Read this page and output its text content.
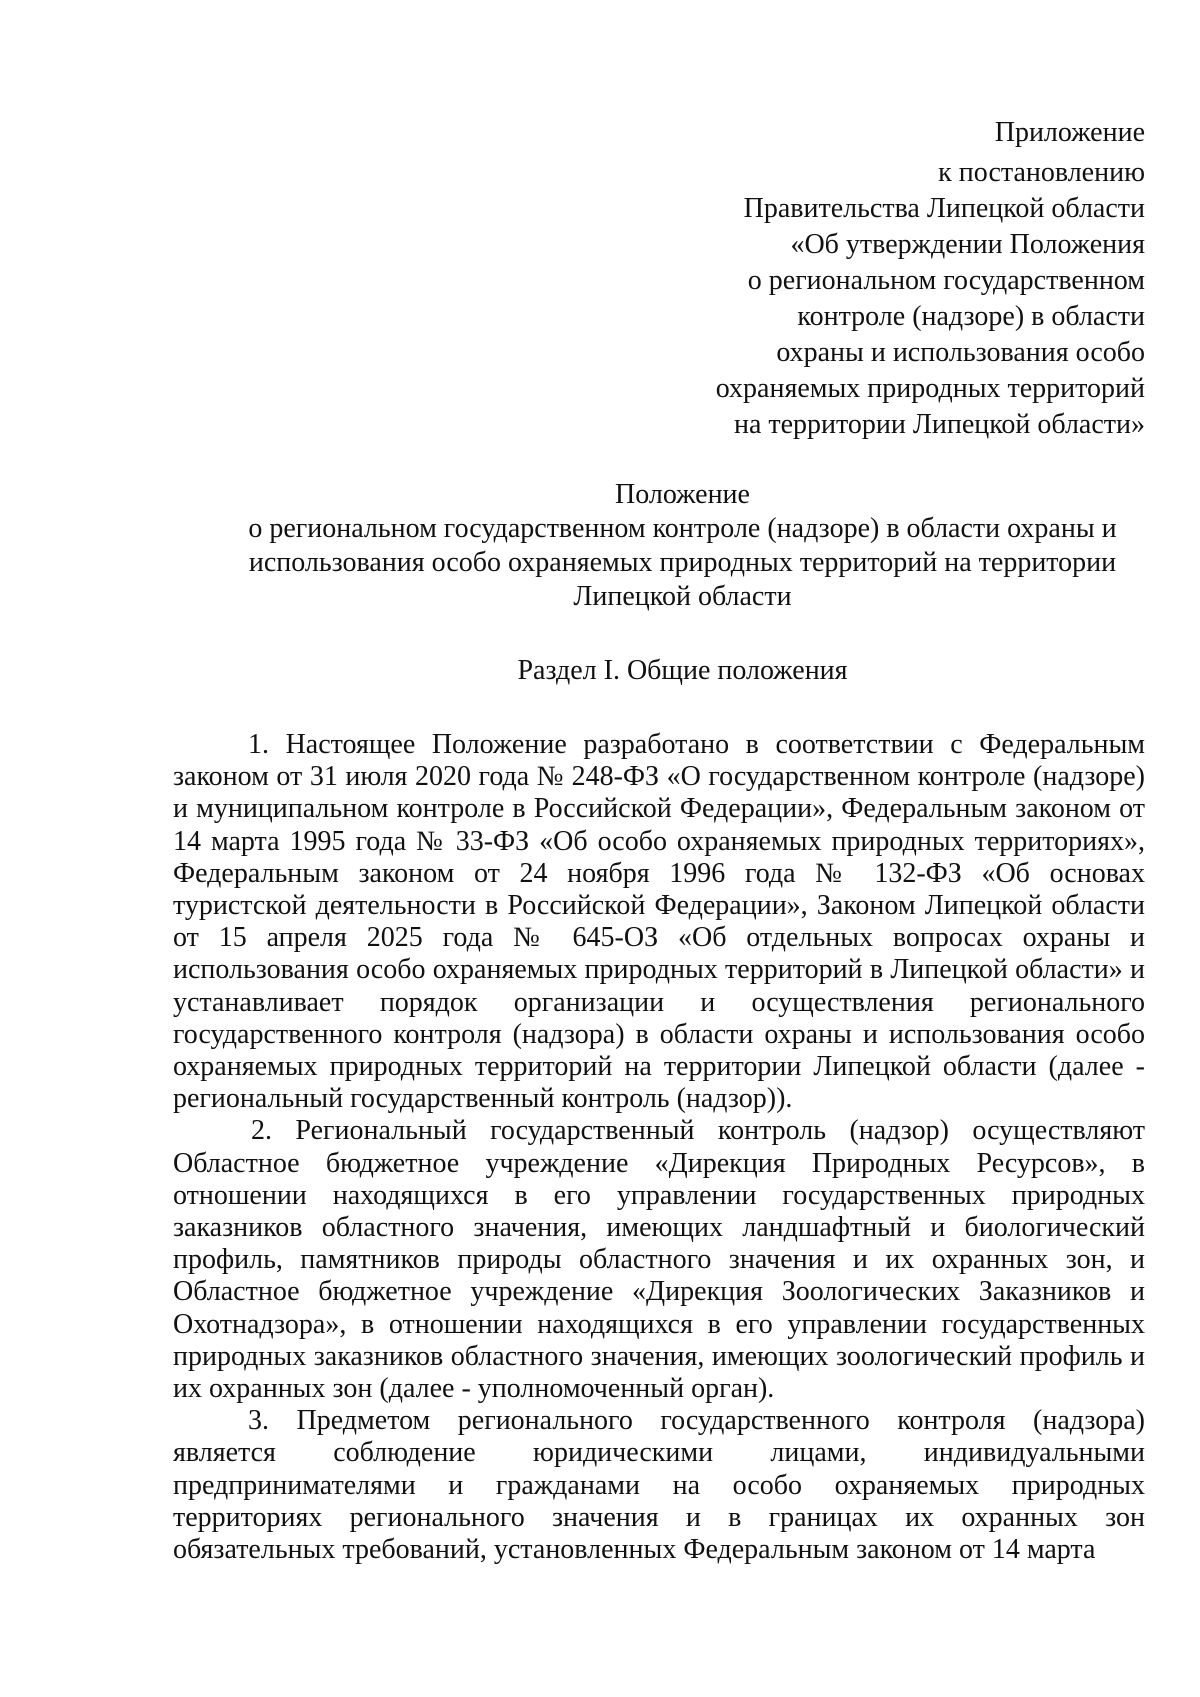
Приложение
к постановлению
Правительства Липецкой области
«Об утверждении Положения
о региональном государственном
контроле (надзоре) в области
охраны и использования особо
охраняемых природных территорий
на территории Липецкой области»
Положение
о региональном государственном контроле (надзоре) в области охраны и использования особо охраняемых природных территорий на территории Липецкой области
Раздел I. Общие положения

1. Настоящее Положение разработано в соответствии с Федеральным законом от 31 июля 2020 года № 248-ФЗ «О государственном контроле (надзоре) и муниципальном контроле в Российской Федерации», Федеральным законом от 14 марта 1995 года № 33-ФЗ «Об особо охраняемых природных территориях», Федеральным законом от 24 ноября 1996 года № 132-ФЗ «Об основах туристской деятельности в Российской Федерации», Законом Липецкой области от 15 апреля 2025 года № 645-ОЗ «Об отдельных вопросах охраны и использования особо охраняемых природных территорий в Липецкой области» и устанавливает порядок организации и осуществления регионального государственного контроля (надзора) в области охраны и использования особо охраняемых природных территорий на территории Липецкой области (далее - региональный государственный контроль (надзор)).

2. Региональный государственный контроль (надзор) осуществляют Областное бюджетное учреждение «Дирекция Природных Ресурсов», в отношении находящихся в его управлении государственных природных заказников областного значения, имеющих ландшафтный и биологический профиль, памятников природы областного значения и их охранных зон, и Областное бюджетное учреждение «Дирекция Зоологических Заказников и Охотнадзора», в отношении находящихся в его управлении государственных природных заказников областного значения, имеющих зоологический профиль и их охранных зон (далее - уполномоченный орган).

3. Предметом регионального государственного контроля (надзора) является соблюдение юридическими лицами, индивидуальными предпринимателями и гражданами на особо охраняемых природных территориях регионального значения и в границах их охранных зон обязательных требований, установленных Федеральным законом от 14 марта
